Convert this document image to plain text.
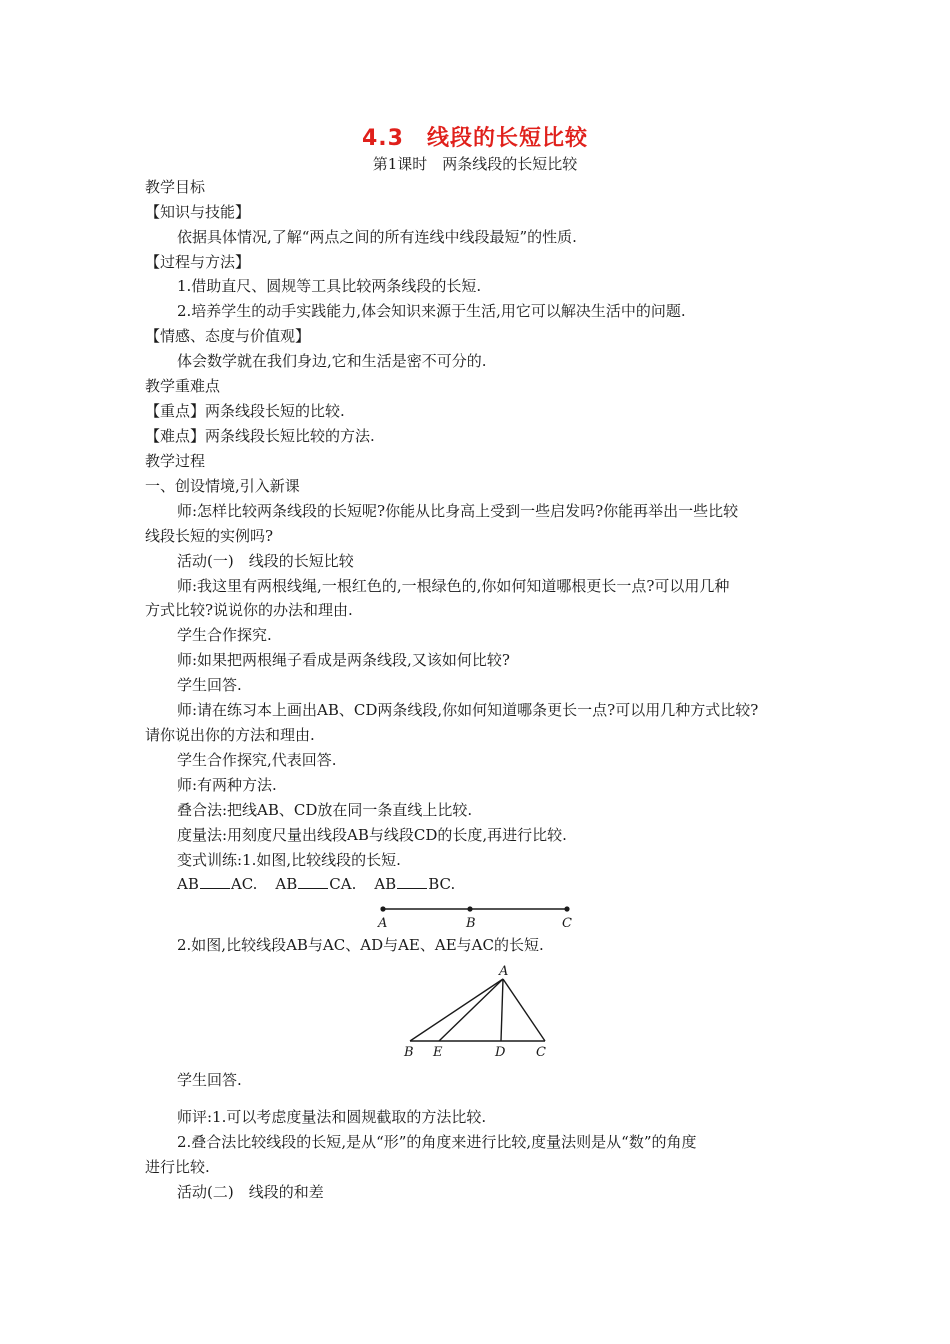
4.3　线段的长短比较
第1课时　两条线段的长短比较
教学目标
【知识与技能】
依据具体情况,了解“两点之间的所有连线中线段最短”的性质.
【过程与方法】
1.借助直尺、圆规等工具比较两条线段的长短.
2.培养学生的动手实践能力,体会知识来源于生活,用它可以解决生活中的问题.
【情感、态度与价值观】
体会数学就在我们身边,它和生活是密不可分的.
教学重难点
【重点】两条线段长短的比较.
【难点】两条线段长短比较的方法.
教学过程
一、创设情境,引入新课
师:怎样比较两条线段的长短呢?你能从比身高上受到一些启发吗?你能再举出一些比较
线段长短的实例吗?
活动(一)　线段的长短比较
师:我这里有两根线绳,一根红色的,一根绿色的,你如何知道哪根更长一点?可以用几种
方式比较?说说你的办法和理由.
学生合作探究.
师:如果把两根绳子看成是两条线段,又该如何比较?
学生回答.
师:请在练习本上画出AB、CD两条线段,你如何知道哪条更长一点?可以用几种方式比较?
请你说出你的方法和理由.
学生合作探究,代表回答.
师:有两种方法.
叠合法:把线AB、CD放在同一条直线上比较.
度量法:用刻度尺量出线段AB与线段CD的长度,再进行比较.
变式训练:1.如图,比较线段的长短.
AB AC. AB CA. AB BC.
A	B	C
2.如图,比较线段AB与AC、AD与AE、AE与AC的长短.
A
B E	D C
学生回答.
师评:1.可以考虑度量法和圆规截取的方法比较.
2.叠合法比较线段的长短,是从“形”的角度来进行比较,度量法则是从“数”的角度
进行比较.
活动(二)　线段的和差
